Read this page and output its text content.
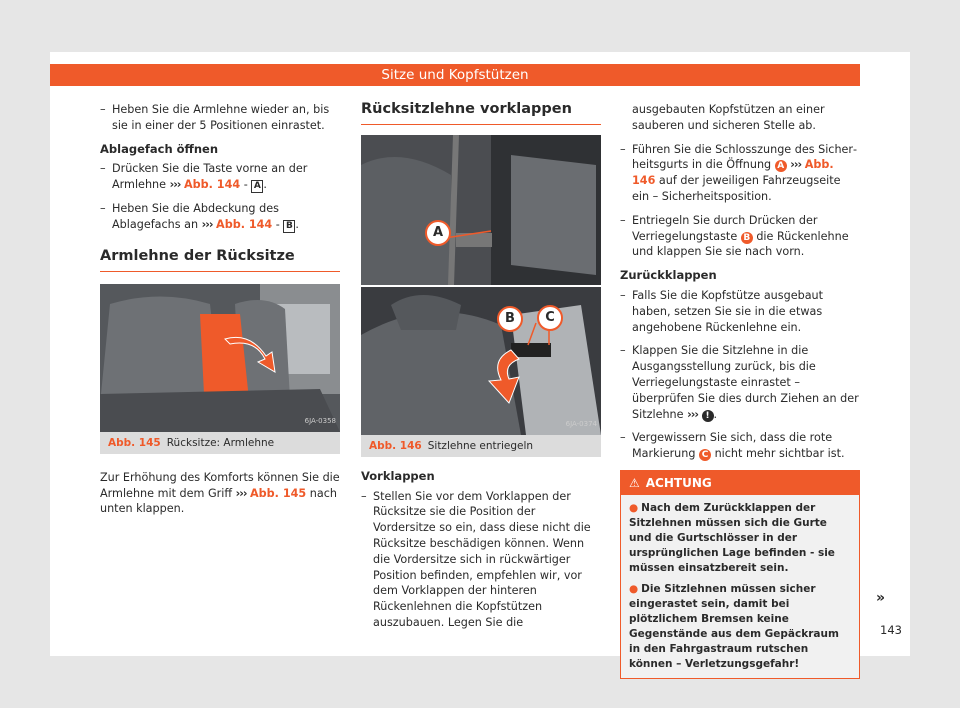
Sitze und Kopfstützen
– Heben Sie die Armlehne wieder an, bis sie in einer der 5 Positionen einrastet.
Ablagefach öffnen
– Drücken Sie die Taste vorne an der Armlehne ››› Abb. 144 - A .
– Heben Sie die Abdeckung des Ablagefachs an ››› Abb. 144 - B .
Armlehne der Rücksitze
6JA-0358
Abb. 145 Rücksitze: Armlehne
Zur Erhöhung des Komforts können Sie die Armlehne mit dem Griff ››› Abb. 145 nach unten klappen.
Rücksitzlehne vorklappen
A
B	C
6JA-0374
Abb. 146 Sitzlehne entriegeln
Vorklappen
– Stellen Sie vor dem Vorklappen der Rücksitze sie die Position der Vordersitze so ein, dass diese nicht die Rücksitze beschädigen können. Wenn die Vordersitze sich in rückwärtiger Position befinden, empfehlen wir, vor dem Vorklappen der hinteren Rückenlehnen die Kopfstützen auszubauen. Legen Sie die
ausgebauten Kopfstützen an einer sauberen und sicheren Stelle ab.
– Führen Sie die Schlosszunge des Sicherheitsgurts in die Öffnung A ››› Abb. 146 auf der jeweiligen Fahrzeugseite ein – Sicherheitsposition.
– Entriegeln Sie durch Drücken der Verriegelungstaste B die Rückenlehne und klappen Sie sie nach vorn.
Zurückklappen
– Falls Sie die Kopfstütze ausgebaut haben, setzen Sie sie in die etwas angehobene Rückenlehne ein.
– Klappen Sie die Sitzlehne in die Ausgangsstellung zurück, bis die Verriegelungstaste einrastet – überprüfen Sie dies durch Ziehen an der Sitzlehne ››› ! .
– Vergewissern Sie sich, dass die rote Markierung C nicht mehr sichtbar ist.
⚠ ACHTUNG

● Nach dem Zurückklappen der Sitzlehnen müssen sich die Gurte und die Gurtschlösser in der ursprünglichen Lage befinden - sie müssen einsatzbereit sein.

● Die Sitzlehnen müssen sicher eingerastet sein, damit bei plötzlichem Bremsen keine Gegenstände aus dem Gepäckraum in den Fahrgastraum rutschen können – Verletzungsgefahr!

»
143
